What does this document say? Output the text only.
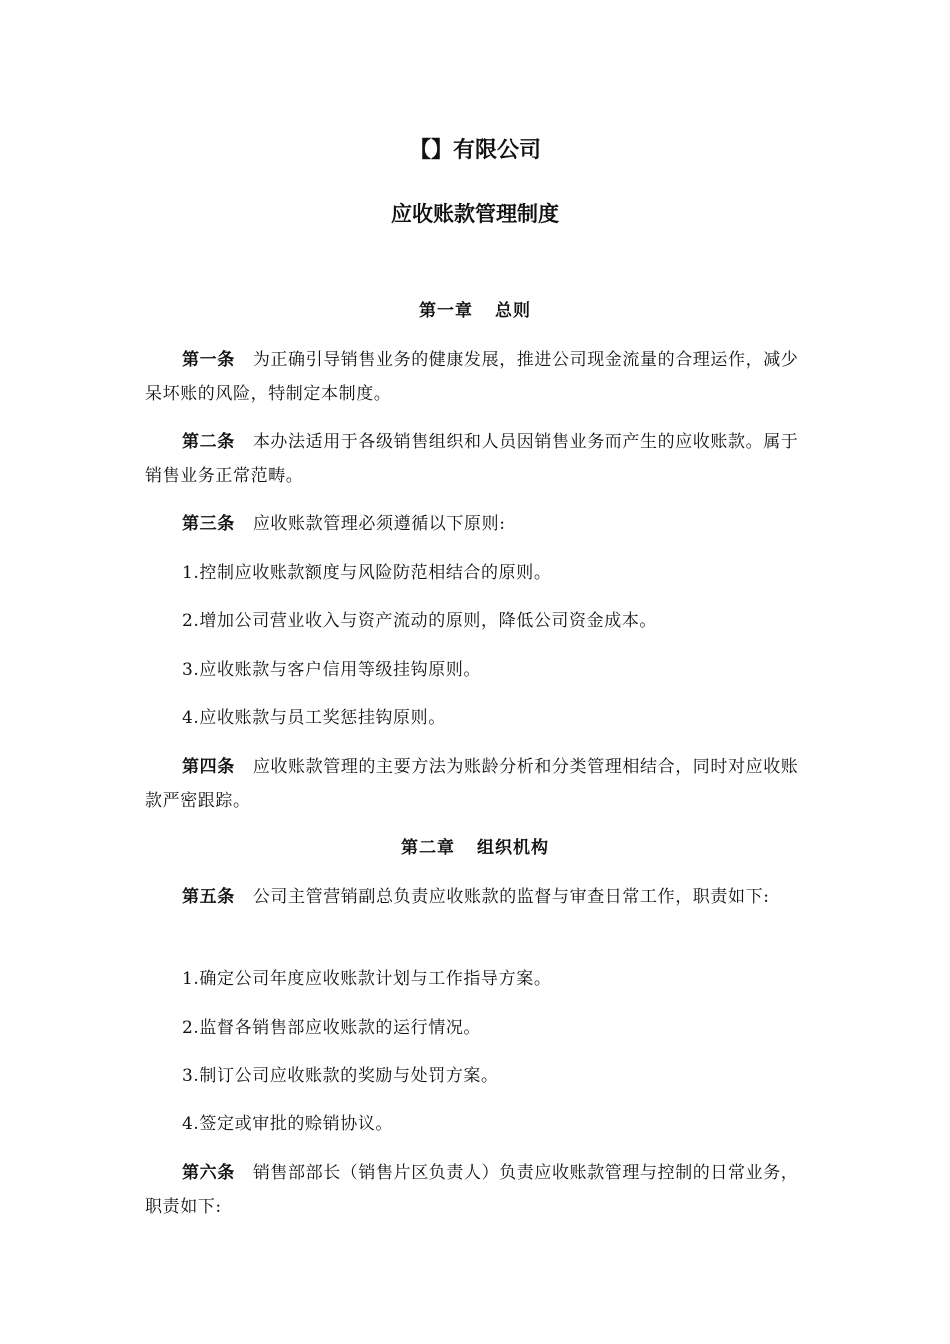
【】有限公司
应收账款管理制度
第一章 总则
第一条 为正确引导销售业务的健康发展，推进公司现金流量的合理运作，减少呆坏账的风险，特制定本制度。
第二条 本办法适用于各级销售组织和人员因销售业务而产生的应收账款。属于销售业务正常范畴。
第三条 应收账款管理必须遵循以下原则:
1.控制应收账款额度与风险防范相结合的原则。
2.增加公司营业收入与资产流动的原则，降低公司资金成本。
3.应收账款与客户信用等级挂钩原则。
4.应收账款与员工奖惩挂钩原则。
第四条 应收账款管理的主要方法为账龄分析和分类管理相结合，同时对应收账款严密跟踪。
第二章 组织机构
第五条 公司主管营销副总负责应收账款的监督与审查日常工作，职责如下:
1.确定公司年度应收账款计划与工作指导方案。
2.监督各销售部应收账款的运行情况。
3.制订公司应收账款的奖励与处罚方案。
4.签定或审批的赊销协议。
第六条 销售部部长（销售片区负责人）负责应收账款管理与控制的日常业务，职责如下:
